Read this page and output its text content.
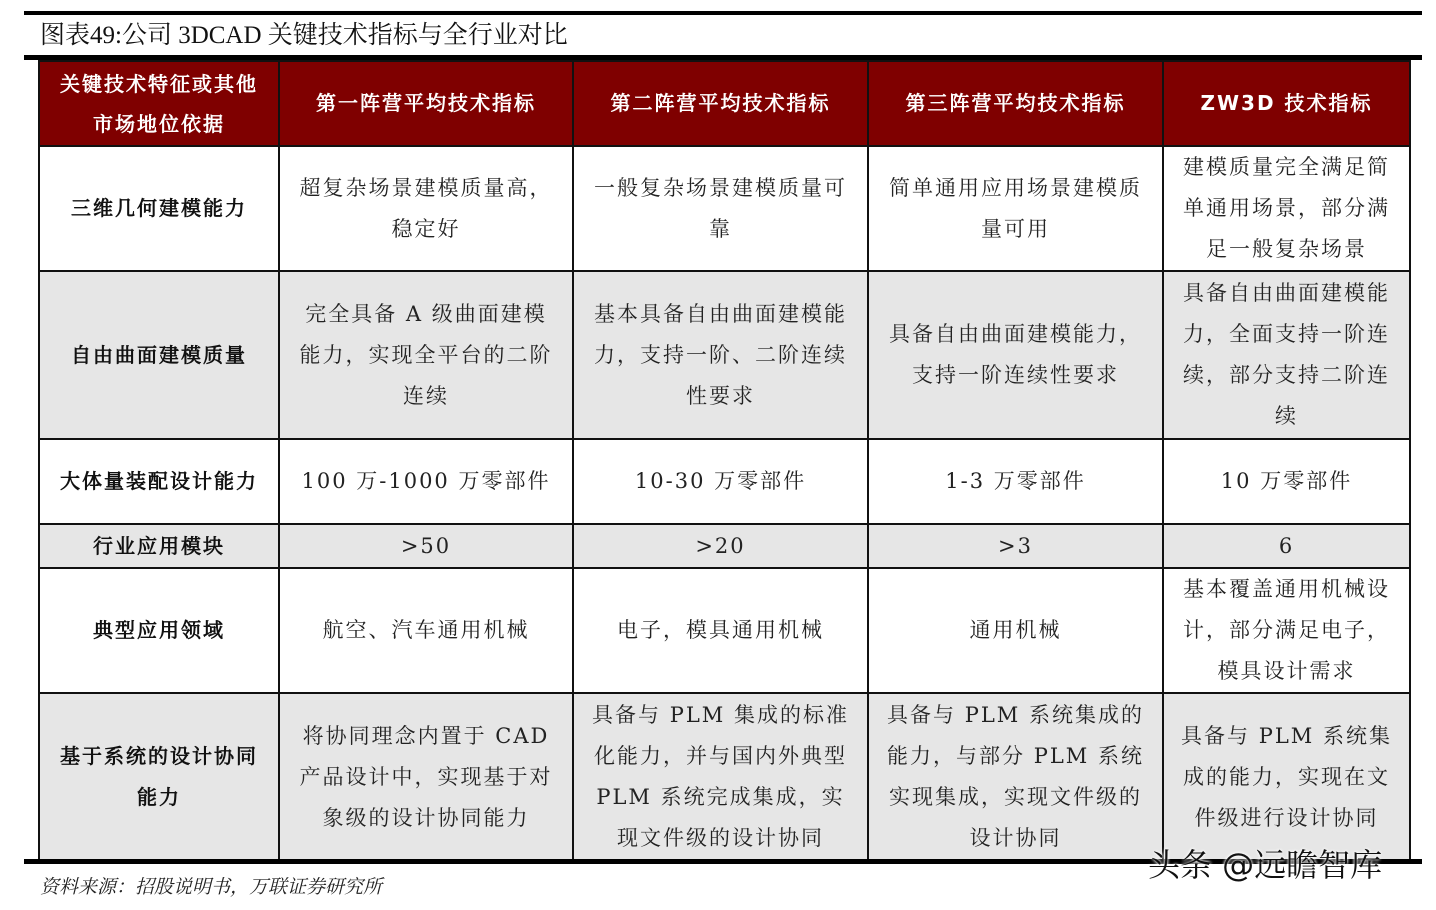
图表49:公司 3DCAD 关键技术指标与全行业对比
关键技术特征或其他市场地位依据	第一阵营平均技术指标	第二阵营平均技术指标	第三阵营平均技术指标	ZW3D 技术指标
三维几何建模能力	超复杂场景建模质量高，稳定好	一般复杂场景建模质量可靠	简单通用应用场景建模质量可用	建模质量完全满足简单通用场景，部分满足一般复杂场景
自由曲面建模质量	完全具备 A 级曲面建模能力，实现全平台的二阶连续	基本具备自由曲面建模能力，支持一阶、二阶连续性要求	具备自由曲面建模能力，支持一阶连续性要求	具备自由曲面建模能力，全面支持一阶连续，部分支持二阶连续
大体量装配设计能力	100 万-1000 万零部件	10-30 万零部件	1-3 万零部件	10 万零部件
行业应用模块	>50	>20	>3	6
典型应用领域	航空、汽车通用机械	电子，模具通用机械	通用机械	基本覆盖通用机械设计，部分满足电子，模具设计需求
基于系统的设计协同能力	将协同理念内置于 CAD 产品设计中，实现基于对象级的设计协同能力	具备与 PLM 集成的标准化能力，并与国内外典型 PLM 系统完成集成，实现文件级的设计协同	具备与 PLM 系统集成的能力，与部分 PLM 系统实现集成，实现文件级的设计协同	具备与 PLM 系统集成的能力，实现在文件级进行设计协同
资料来源：招股说明书，万联证券研究所
头条 @远瞻智库
